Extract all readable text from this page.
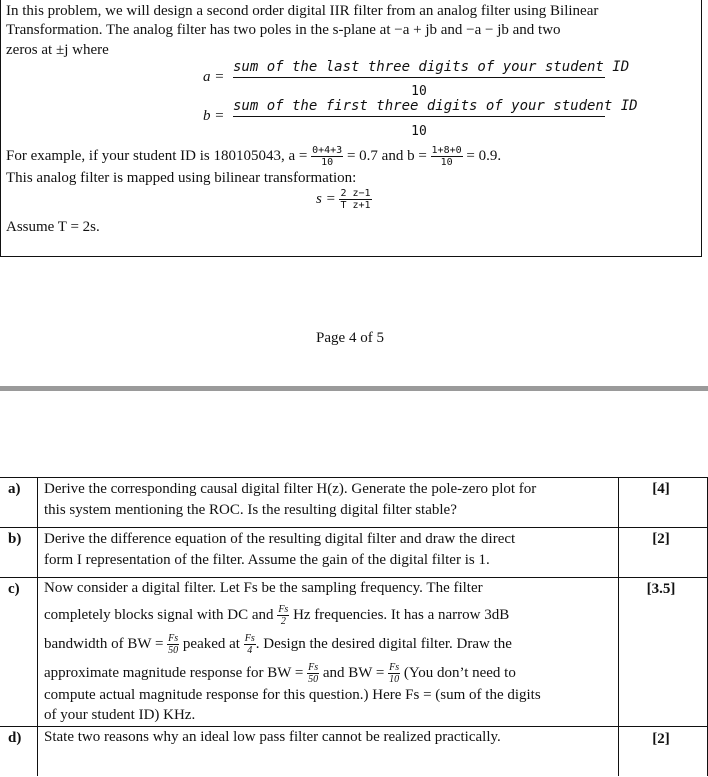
In this problem, we will design a second order digital IIR filter from an analog filter using Bilinear
Transformation. The analog filter has two poles in the s-plane at −a + jb and −a − jb and two
zeros at ±j where
a =
sum of the last three digits of your student ID
10
b =
sum of the first three digits of your student ID
10
For example, if your student ID is 180105043, $a = \frac{0+4+3}{10} = 0.7$ and $b = \frac{1+8+0}{10} = 0.9$.
This analog filter is mapped using bilinear transformation:
$s = \frac{2 z-1}{\text{T z+1}}$
Assume T = 2s.
Page 4 of 5
a) Derive the corresponding causal digital filter H(z). Generate the pole-zero plot for
this system mentioning the ROC. Is the resulting digital filter stable?
[4]
b) Derive the difference equation of the resulting digital filter and draw the direct
form I representation of the filter. Assume the gain of the digital filter is 1.
[2]
c) Now consider a digital filter. Let Fs be the sampling frequency. The filter
completely blocks signal with DC and $\frac{Fs}{2}$ Hz frequencies. It has a narrow 3dB
bandwidth of BW = $\frac{Fs}{50}$ peaked at $\frac{Fs}{4}$ . Design the desired digital filter. Draw the
approximate magnitude response for BW = $\frac{Fs}{50}$ and BW = $\frac{Fs}{10} (You$ don’t need to
compute actual magnitude response for this question.) Here Fs = (sum of the digits
of your student ID) KHz.
[3.5]
d) State two reasons why an ideal low pass filter cannot be realized practically.	[2]
